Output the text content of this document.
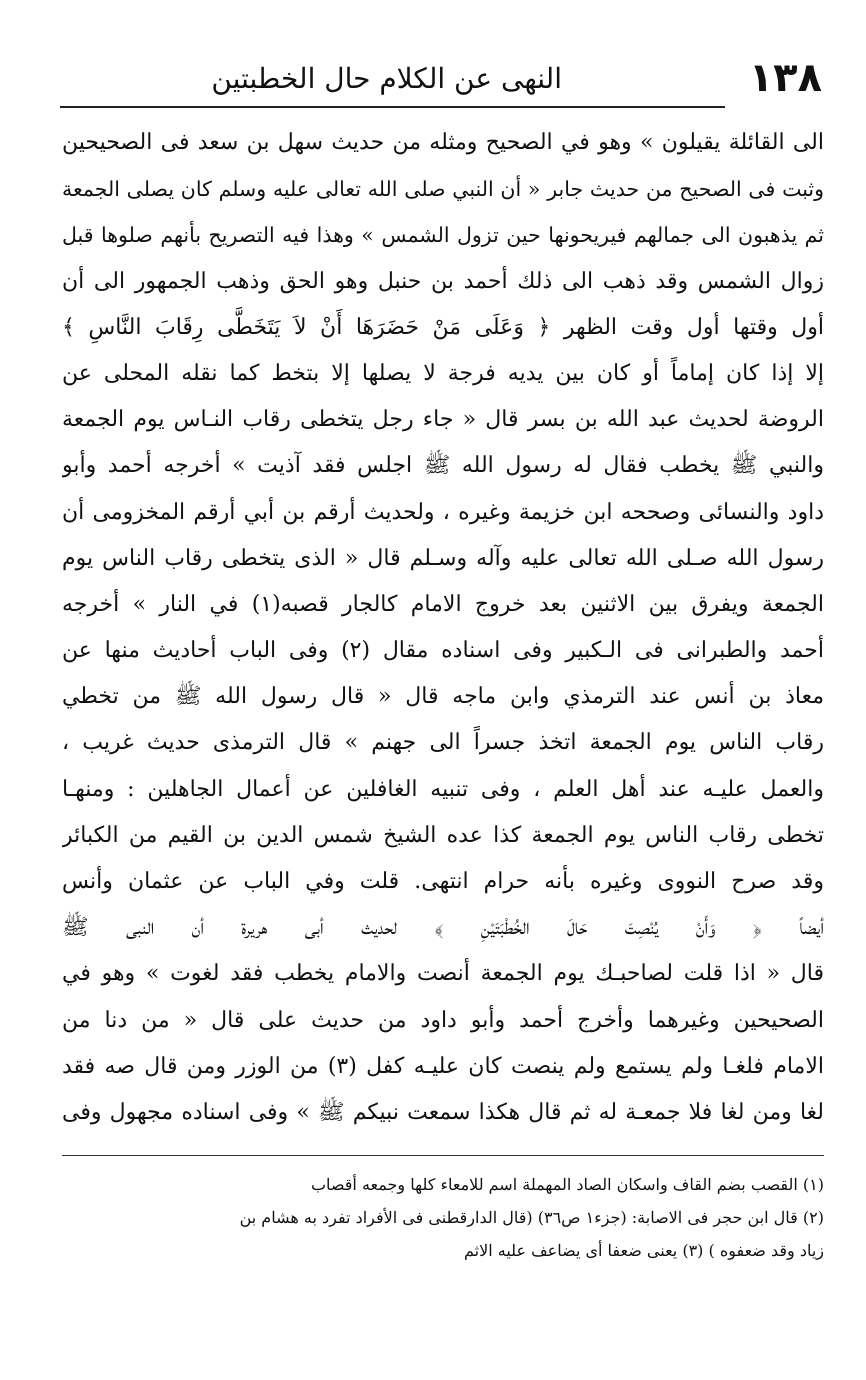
١٣٨
النهى عن الكلام حال الخطبتين
الى القائلة يقيلون » وهو في الصحيح ومثله من حديث سهل بن سعد فى الصحيحين
وثبت فى الصحيح من حديث جابر « أن النبي صلى الله تعالى عليه وسلم كان يصلى الجمعة
ثم يذهبون الى جمالهم فيريحونها حين تزول الشمس » وهذا فيه التصريح بأنهم صلوها قبل
زوال الشمس وقد ذهب الى ذلك أحمد بن حنبل وهو الحق وذهب الجمهور الى أن
أول وقتها أول وقت الظهر ﴿ وَعَلَى مَنْ حَضَرَهَا أَنْ لاَ يَتَخَطَّى رِقَابَ النَّاسِ ﴾
إلا إذا كان إماماً أو كان بين يديه فرجة لا يصلها إلا بتخط كما نقله المحلى عن
الروضة لحديث عبد الله بن بسر قال « جاء رجل يتخطى رقاب النـاس يوم الجمعة
والنبي ﷺ يخطب فقال له رسول الله ﷺ اجلس فقد آذيت » أخرجه أحمد وأبو
داود والنسائى وصححه ابن خزيمة وغيره ، ولحديث أرقم بن أبي أرقم المخزومى أن
رسول الله صـلى الله تعالى عليه وآله وسـلم قال « الذى يتخطى رقاب الناس يوم
الجمعة ويفرق بين الاثنين بعد خروج الامام كالجار قصبه(١) في النار » أخرجه
أحمد والطبرانى فى الـكبير وفى اسناده مقال (٢) وفى الباب أحاديث منها عن
معاذ بن أنس عند الترمذي وابن ماجه قال « قال رسول الله ﷺ من تخطي
رقاب الناس يوم الجمعة اتخذ جسراً الى جهنم » قال الترمذى حديث غريب ،
والعمل عليـه عند أهل العلم ، وفى تنبيه الغافلين عن أعمال الجاهلين : ومنهـا
تخطى رقاب الناس يوم الجمعة كذا عده الشيخ شمس الدين بن القيم من الكبائر
وقد صرح النووى وغيره بأنه حرام انتهى. قلت وفي الباب عن عثمان وأنس
أيضاً ﴿ وَأَنْ يُنْصِتَ حَالَ الخُطْبَتَيْنِ ﴾ لحديث أبى هريرة أن النبى ﷺ
قال « اذا قلت لصاحبـك يوم الجمعة أنصت والامام يخطب فقد لغوت » وهو في
الصحيحين وغيرهما وأخرج أحمد وأبو داود من حديث على قال « من دنا من
الامام فلغـا ولم يستمع ولم ينصت كان عليـه كفل (٣) من الوزر ومن قال صه فقد
لغا ومن لغا فلا جمعـة له ثم قال هكذا سمعت نبيكم ﷺ » وفى اسناده مجهول وفى
(١) القصب بضم القاف واسكان الصاد المهملة اسم للامعاء كلها وجمعه أقصاب
(٢) قال ابن حجر فى الاصابة: (جزء١ ص٣٦) (قال الدارقطنى فى الأفراد تفرد به هشام بن
زياد وقد ضعفوه ) (٣) يعنى ضعفا أى يضاعف عليه الاثم
